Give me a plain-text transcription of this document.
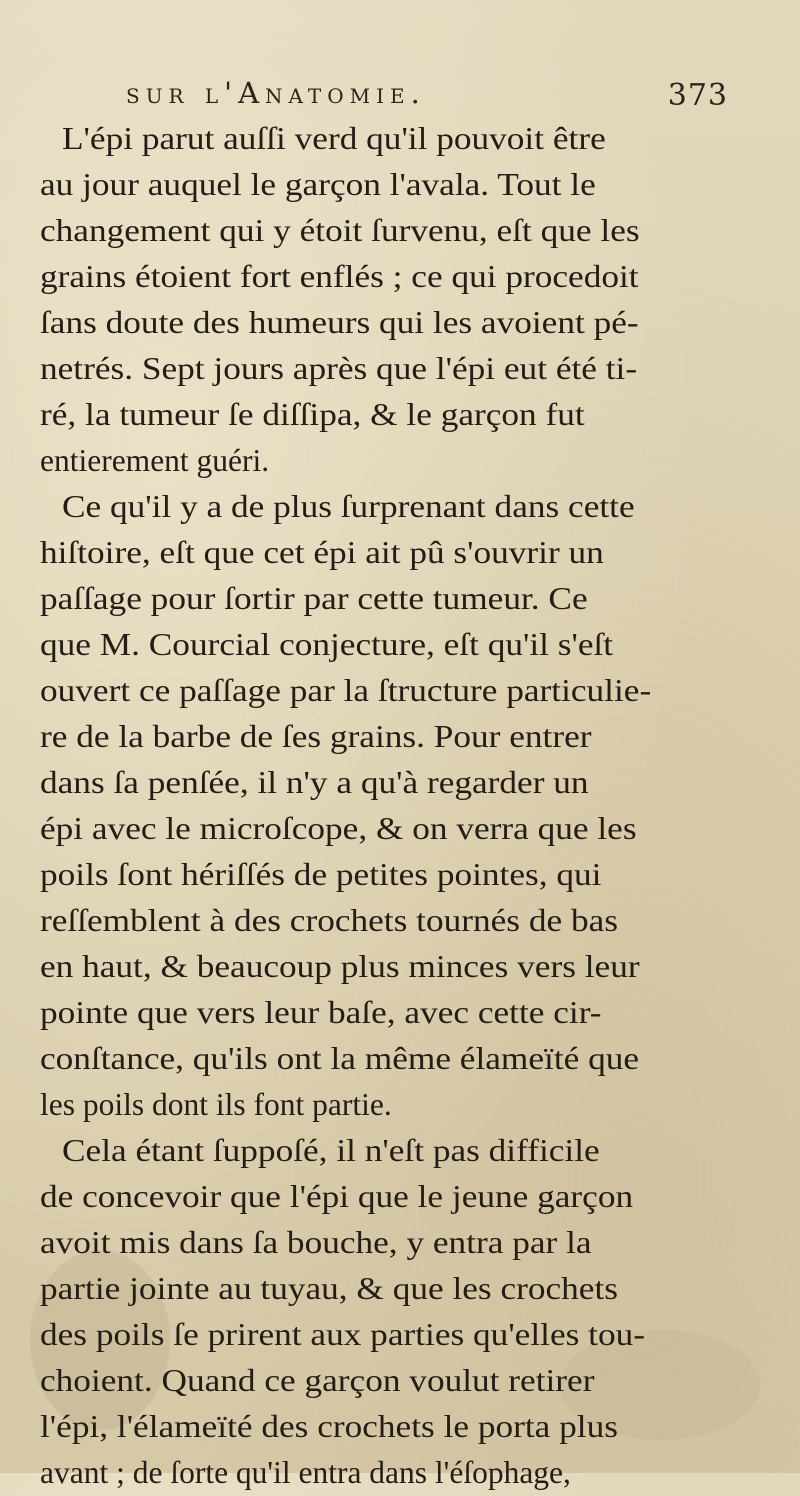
sur l'Anatomie.	373
L'épi parut auſſi verd qu'il pouvoit être
au jour auquel le garçon l'avala. Tout le
changement qui y étoit ſurvenu, eſt que les
grains étoient fort enflés ; ce qui procedoit
ſans doute des humeurs qui les avoient pé-
netrés. Sept jours après que l'épi eut été ti-
ré, la tumeur ſe diſſipa, & le garçon fut
entierement guéri.
Ce qu'il y a de plus ſurprenant dans cette
hiſtoire, eſt que cet épi ait pû s'ouvrir un
paſſage pour ſortir par cette tumeur. Ce
que M. Courcial conjecture, eſt qu'il s'eſt
ouvert ce paſſage par la ſtructure particulie-
re de la barbe de ſes grains. Pour entrer
dans ſa penſée, il n'y a qu'à regarder un
épi avec le microſcope, & on verra que les
poils ſont hériſſés de petites pointes, qui
reſſemblent à des crochets tournés de bas
en haut, & beaucoup plus minces vers leur
pointe que vers leur baſe, avec cette cir-
conſtance, qu'ils ont la même élameïté que
les poils dont ils font partie.
Cela étant ſuppoſé, il n'eſt pas difficile
de concevoir que l'épi que le jeune garçon
avoit mis dans ſa bouche, y entra par la
partie jointe au tuyau, & que les crochets
des poils ſe prirent aux parties qu'elles tou-
choient. Quand ce garçon voulut retirer
l'épi, l'élameïté des crochets le porta plus
avant ; de ſorte qu'il entra dans l'éſophage,
